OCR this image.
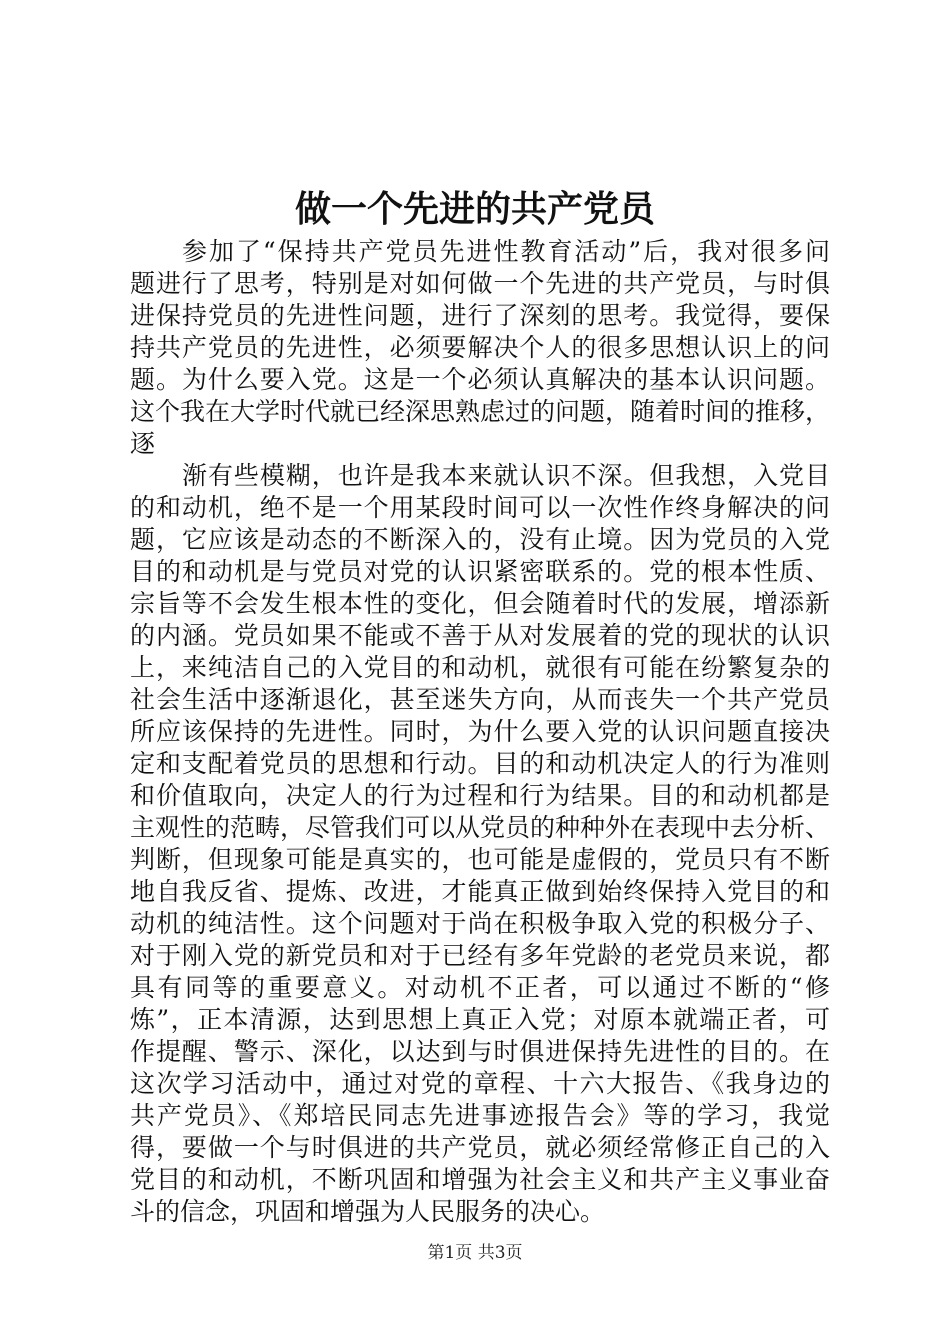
做一个先进的共产党员
参加了“保持共产党员先进性教育活动”后，我对很多问
题进行了思考，特别是对如何做一个先进的共产党员，与时俱
进保持党员的先进性问题，进行了深刻的思考。我觉得，要保
持共产党员的先进性，必须要解决个人的很多思想认识上的问
题。为什么要入党。这是一个必须认真解决的基本认识问题。
这个我在大学时代就已经深思熟虑过的问题，随着时间的推移，
逐
渐有些模糊，也许是我本来就认识不深。但我想，入党目
的和动机，绝不是一个用某段时间可以一次性作终身解决的问
题，它应该是动态的不断深入的，没有止境。因为党员的入党
目的和动机是与党员对党的认识紧密联系的。党的根本性质、
宗旨等不会发生根本性的变化，但会随着时代的发展，增添新
的内涵。党员如果不能或不善于从对发展着的党的现状的认识
上，来纯洁自己的入党目的和动机，就很有可能在纷繁复杂的
社会生活中逐渐退化，甚至迷失方向，从而丧失一个共产党员
所应该保持的先进性。同时，为什么要入党的认识问题直接决
定和支配着党员的思想和行动。目的和动机决定人的行为准则
和价值取向，决定人的行为过程和行为结果。目的和动机都是
主观性的范畴，尽管我们可以从党员的种种外在表现中去分析、
判断，但现象可能是真实的，也可能是虚假的，党员只有不断
地自我反省、提炼、改进，才能真正做到始终保持入党目的和
动机的纯洁性。这个问题对于尚在积极争取入党的积极分子、
对于刚入党的新党员和对于已经有多年党龄的老党员来说，都
具有同等的重要意义。对动机不正者，可以通过不断的“修
炼”，正本清源，达到思想上真正入党；对原本就端正者，可
作提醒、警示、深化，以达到与时俱进保持先进性的目的。在
这次学习活动中，通过对党的章程、十六大报告、《我身边的
共产党员》、《郑培民同志先进事迹报告会》等的学习，我觉
得，要做一个与时俱进的共产党员，就必须经常修正自己的入
党目的和动机，不断巩固和增强为社会主义和共产主义事业奋
斗的信念，巩固和增强为人民服务的决心。
第1页 共3页
